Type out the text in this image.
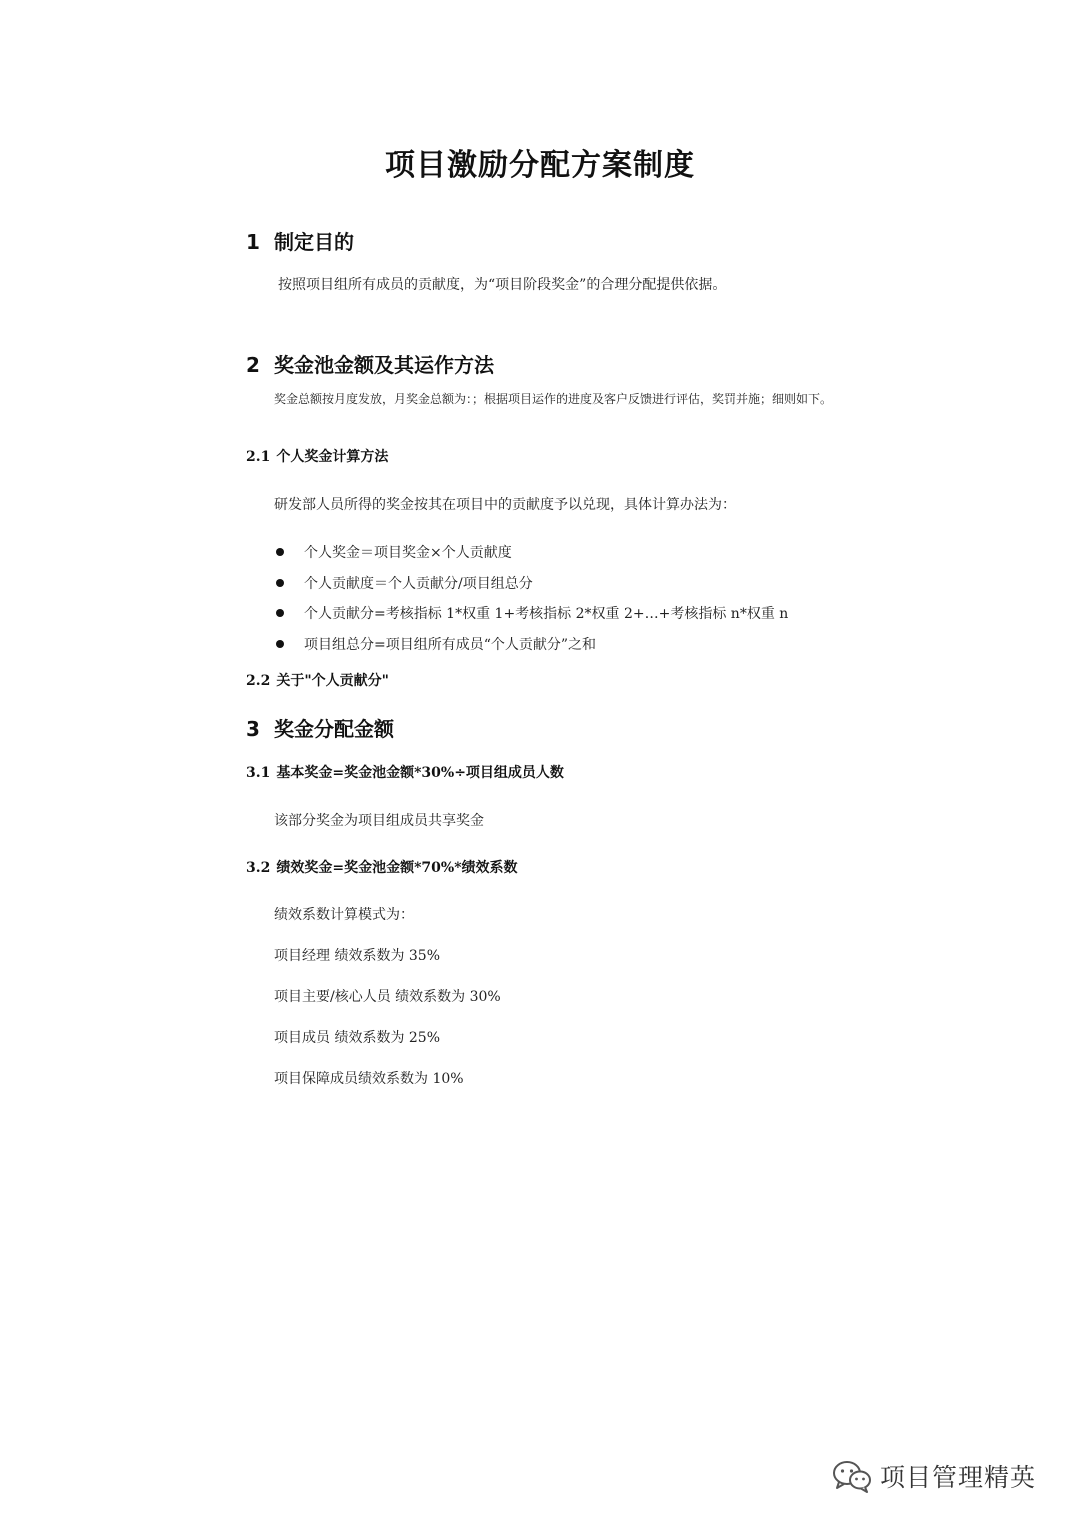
项目激励分配方案制度
1 制定目的
按照项目组所有成员的贡献度，为“项目阶段奖金”的合理分配提供依据。
2 奖金池金额及其运作方法
奖金总额按月度发放，月奖金总额为：；根据项目运作的进度及客户反馈进行评估，奖罚并施；细则如下。
2.1 个人奖金计算方法
研发部人员所得的奖金按其在项目中的贡献度予以兑现，具体计算办法为：
个人奖金＝项目奖金×个人贡献度
个人贡献度＝个人贡献分/项目组总分
个人贡献分=考核指标 1*权重 1+考核指标 2*权重 2+…+考核指标 n*权重 n
项目组总分=项目组所有成员“个人贡献分”之和
2.2 关于"个人贡献分"
3 奖金分配金额
3.1 基本奖金=奖金池金额*30%÷项目组成员人数
该部分奖金为项目组成员共享奖金
3.2 绩效奖金=奖金池金额*70%*绩效系数
绩效系数计算模式为：
项目经理 绩效系数为 35%
项目主要/核心人员 绩效系数为 30%
项目成员 绩效系数为 25%
项目保障成员绩效系数为 10%
项目管理精英
